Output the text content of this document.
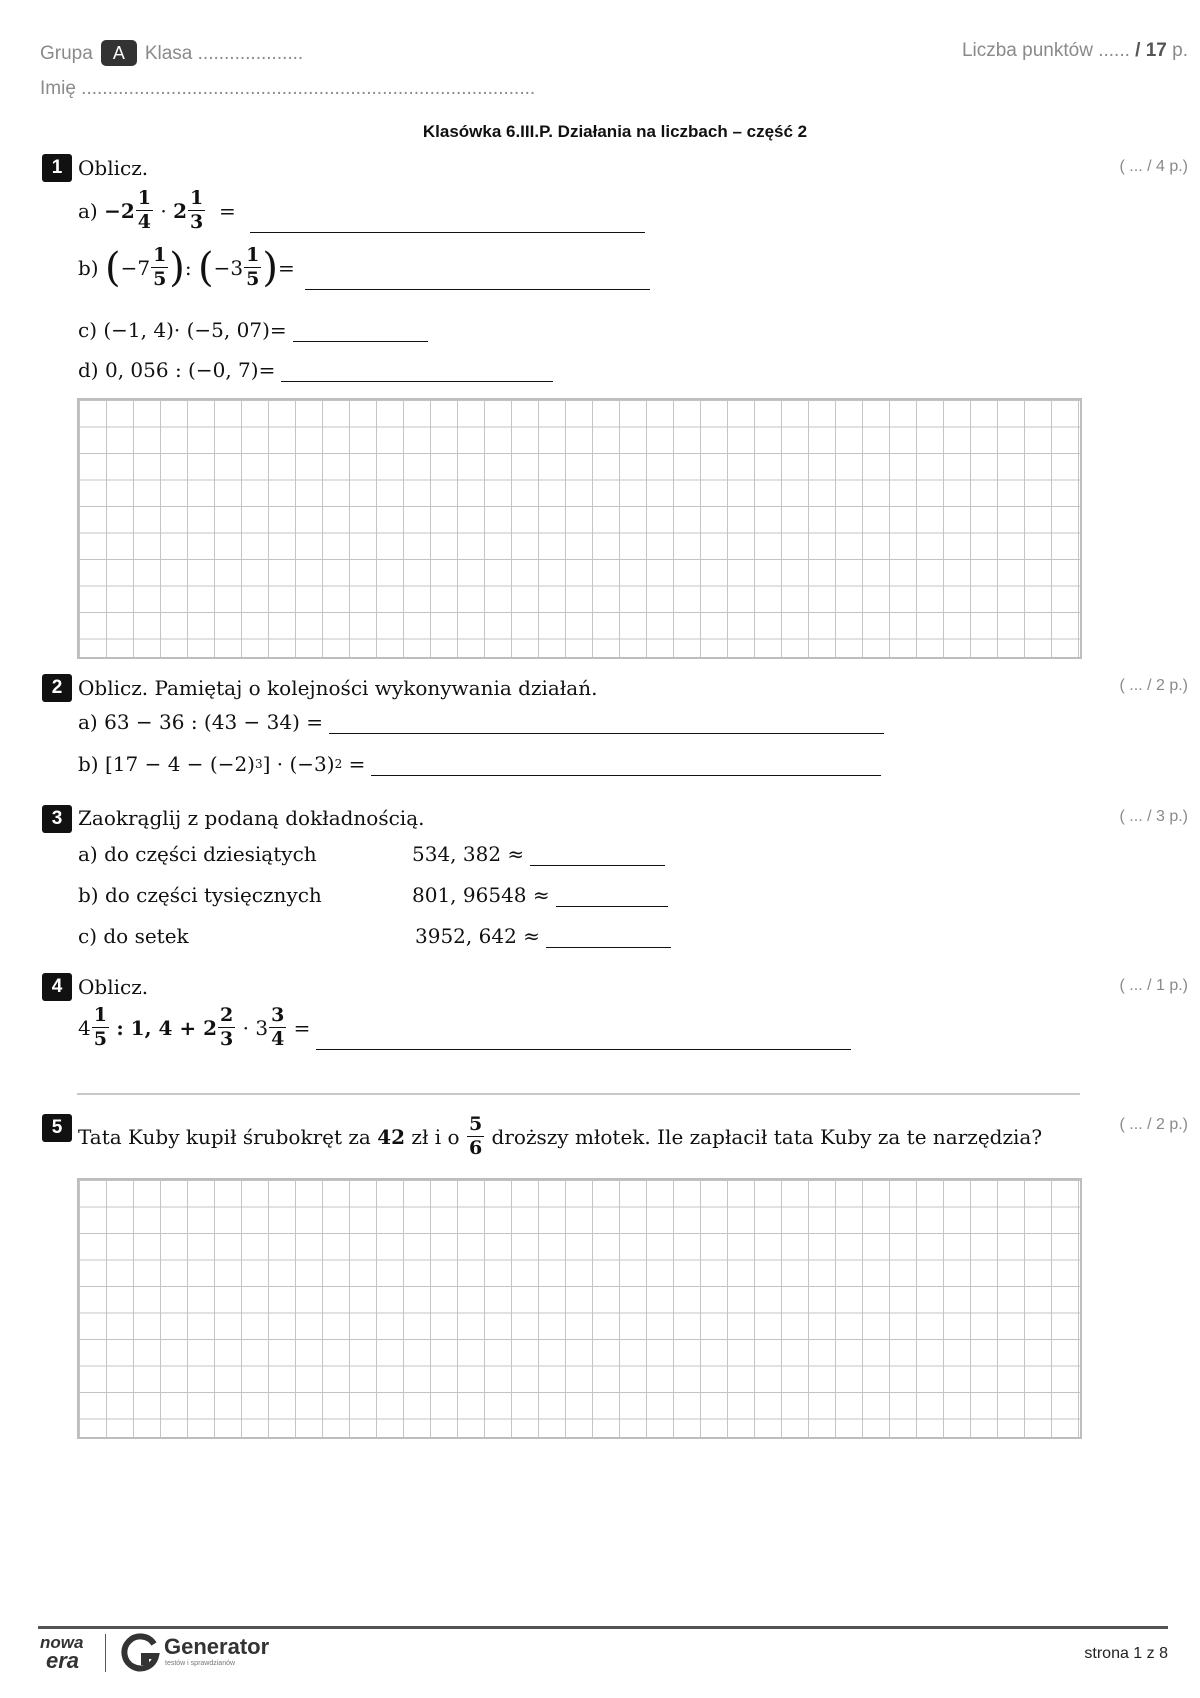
Grupa A Klasa ....................	Liczba punktów ...... / 17 p.
Imię ......................................................................................
Klasówka 6.III.P. Działania na liczbach – część 2
1 Oblicz.	( ... / 4 p.)
a)
$-2 \frac{1}{4}$
·
$2 \frac{1}{3}$
=
b)
( $-7 \frac{1}{5}$ ) :
( $-3 \frac{1}{5}$ ) =
c)
(−1, 4)· (−5, 07)=
d)
0, 056 : (−0, 7)=
2 Oblicz. Pamiętaj o kolejności wykonywania działań.	( ... / 2 p.)
a)
63 − 36 : (43 − 34) =
b)
[17 − 4 − (−2) 3 ] · (−3) 2
=
3 Zaokrąglij z podaną dokładnością.	( ... / 3 p.)
a) do części dziesiątych	534, 382 ≈
b) do części tysięcznych	801, 96548 ≈
c) do setek	3952, 642 ≈
4 Oblicz.	( ... / 1 p.)
$4 \frac{1}{5}$
: 1, $4 + 2 \frac{2}{3}$
· $3 \frac{3}{4}$
=
5	( ... / 2 p.)
Tata Kuby kupił śrubokręt za
42
zł i o
$\frac{5}{6}$
droższy młotek. Ile zapłacił tata Kuby za te narzędzia?
nowa
era
Generator
testów i sprawdzianów
strona 1 z 8
